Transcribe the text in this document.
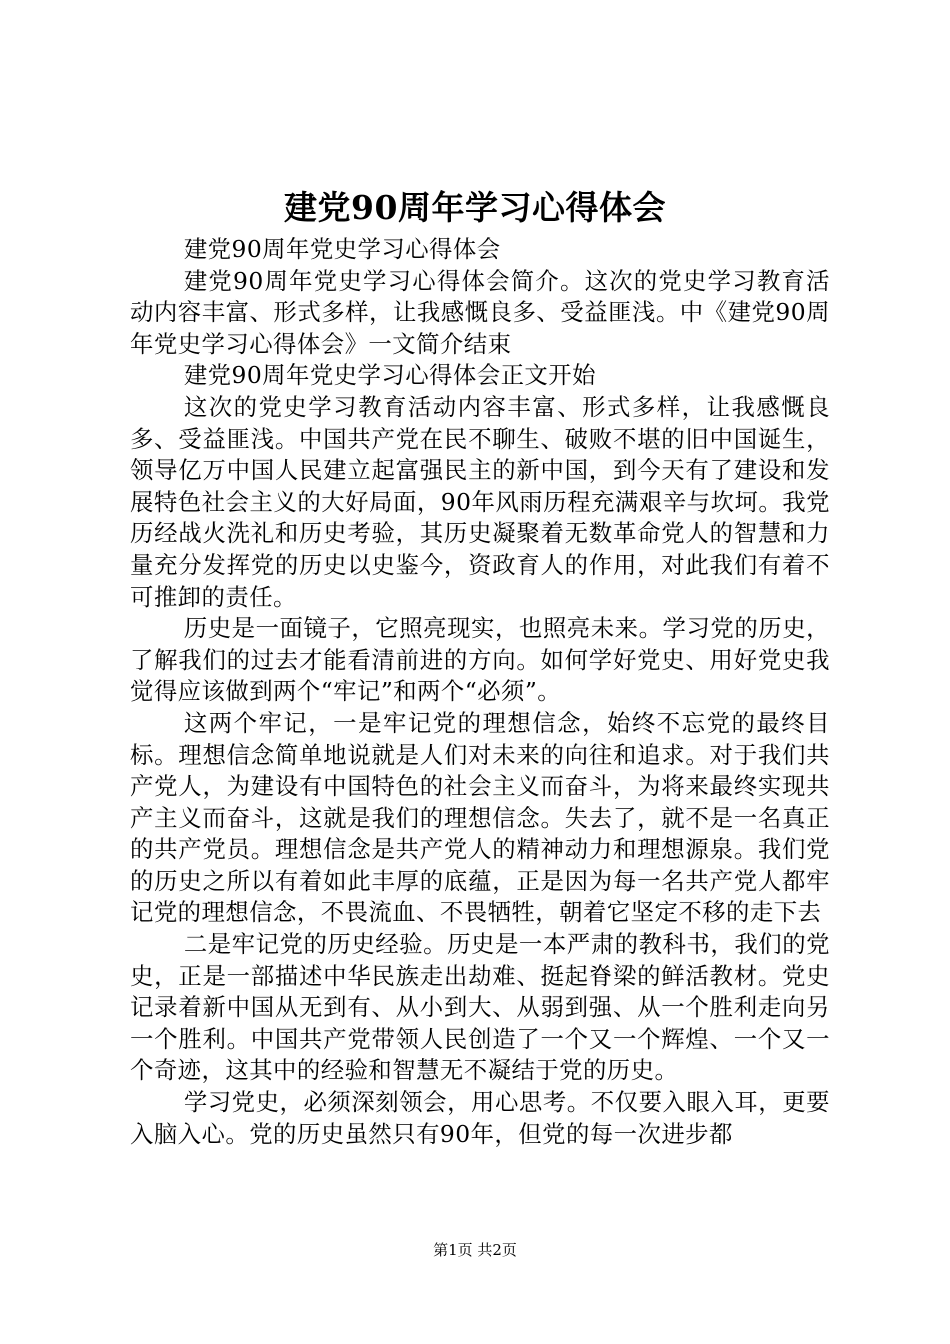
建党90周年学习心得体会

建党90周年党史学习心得体会

建党90周年党史学习心得体会简介。这次的党史学习教育活动内容丰富、形式多样，让我感慨良多、受益匪浅。中《建党90周年党史学习心得体会》一文简介结束

建党90周年党史学习心得体会正文开始

这次的党史学习教育活动内容丰富、形式多样，让我感慨良多、受益匪浅。中国共产党在民不聊生、破败不堪的旧中国诞生，领导亿万中国人民建立起富强民主的新中国，到今天有了建设和发展特色社会主义的大好局面，90年风雨历程充满艰辛与坎坷。我党历经战火洗礼和历史考验，其历史凝聚着无数革命党人的智慧和力量充分发挥党的历史以史鉴今，资政育人的作用，对此我们有着不可推卸的责任。

历史是一面镜子，它照亮现实，也照亮未来。学习党的历史，了解我们的过去才能看清前进的方向。如何学好党史、用好党史我觉得应该做到两个“牢记”和两个“必须”。

这两个牢记，一是牢记党的理想信念，始终不忘党的最终目标。理想信念简单地说就是人们对未来的向往和追求。对于我们共产党人，为建设有中国特色的社会主义而奋斗，为将来最终实现共产主义而奋斗，这就是我们的理想信念。失去了，就不是一名真正的共产党员。理想信念是共产党人的精神动力和理想源泉。我们党的历史之所以有着如此丰厚的底蕴，正是因为每一名共产党人都牢记党的理想信念，不畏流血、不畏牺牲，朝着它坚定不移的走下去

二是牢记党的历史经验。历史是一本严肃的教科书，我们的党史，正是一部描述中华民族走出劫难、挺起脊梁的鲜活教材。党史记录着新中国从无到有、从小到大、从弱到强、从一个胜利走向另一个胜利。中国共产党带领人民创造了一个又一个辉煌、一个又一个奇迹，这其中的经验和智慧无不凝结于党的历史。

学习党史，必须深刻领会，用心思考。不仅要入眼入耳，更要入脑入心。党的历史虽然只有90年，但党的每一次进步都

第1页 共2页
